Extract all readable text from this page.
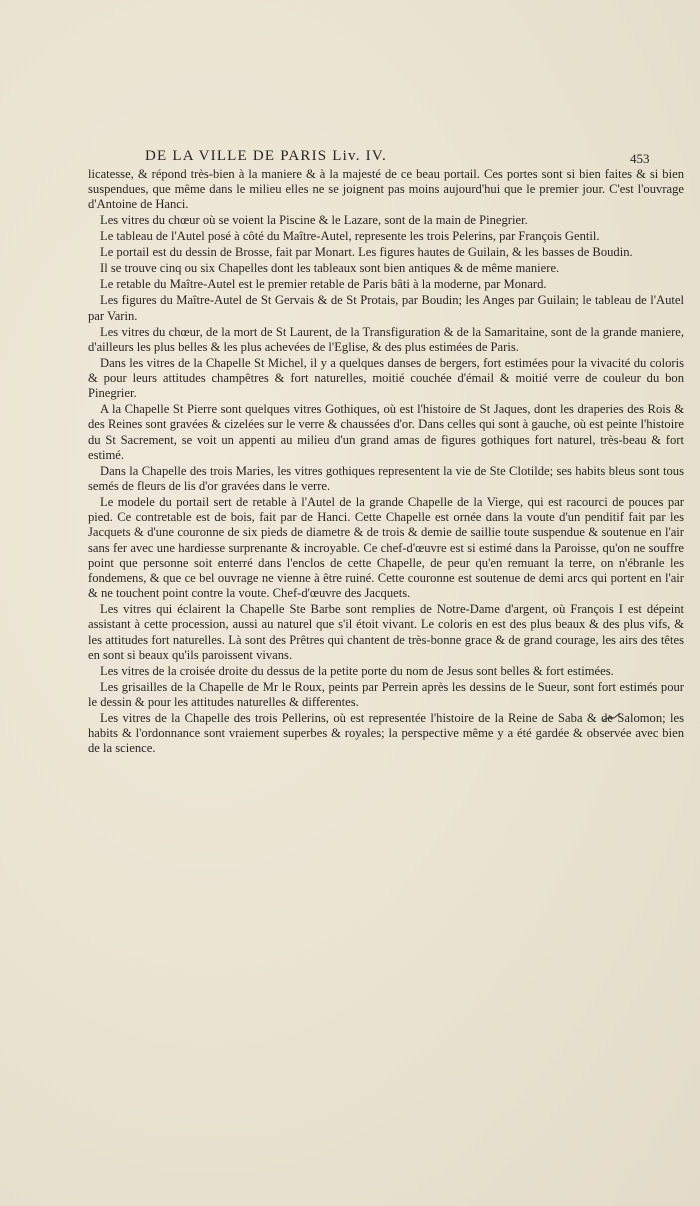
DE LA VILLE DE PARIS Liv. IV.	453

licatesse, & répond très-bien à la maniere & à la majesté de ce beau portail. Ces portes sont si bien faites & si bien suspendues, que même dans le milieu elles ne se joignent pas moins aujourd'hui que le premier jour. C'est l'ouvrage d'Antoine de Hanci.

Les vitres du chœur où se voient la Piscine & le Lazare, sont de la main de Pinegrier.

Le tableau de l'Autel posé à côté du Maître-Autel, represente les trois Pelerins, par François Gentil.

Le portail est du dessin de Brosse, fait par Monart. Les figures hautes de Guilain, & les basses de Boudin.

Il se trouve cinq ou six Chapelles dont les tableaux sont bien antiques & de même maniere.

Le retable du Maître-Autel est le premier retable de Paris bâti à la moderne, par Monard.

Les figures du Maître-Autel de St Gervais & de St Protais, par Boudin; les Anges par Guilain; le tableau de l'Autel par Varin.

Les vitres du chœur, de la mort de St Laurent, de la Transfiguration & de la Samaritaine, sont de la grande maniere, d'ailleurs les plus belles & les plus achevées de l'Eglise, & des plus estimées de Paris.

Dans les vitres de la Chapelle St Michel, il y a quelques danses de bergers, fort estimées pour la vivacité du coloris & pour leurs attitudes champêtres & fort naturelles, moitié couchée d'émail & moitié verre de couleur du bon Pinegrier.

A la Chapelle St Pierre sont quelques vitres Gothiques, où est l'histoire de St Jaques, dont les draperies des Rois & des Reines sont gravées & cizelées sur le verre & chaussées d'or. Dans celles qui sont à gauche, où est peinte l'histoire du St Sacrement, se voit un appenti au milieu d'un grand amas de figures gothiques fort naturel, très-beau & fort estimé.

Dans la Chapelle des trois Maries, les vitres gothiques representent la vie de Ste Clotilde; ses habits bleus sont tous semés de fleurs de lis d'or gravées dans le verre.

Le modele du portail sert de retable à l'Autel de la grande Chapelle de la Vierge, qui est racourci de pouces par pied. Ce contretable est de bois, fait par de Hanci. Cette Chapelle est ornée dans la voute d'un penditif fait par les Jacquets & d'une couronne de six pieds de diametre & de trois & demie de saillie toute suspendue & soutenue en l'air sans fer avec une hardiesse surprenante & incroyable. Ce chef-d'œuvre est si estimé dans la Paroisse, qu'on ne souffre point que personne soit enterré dans l'enclos de cette Chapelle, de peur qu'en remuant la terre, on n'ébranle les fondemens, & que ce bel ouvrage ne vienne à être ruiné. Cette couronne est soutenue de demi arcs qui portent en l'air & ne touchent point contre la voute. Chef-d'œuvre des Jacquets.

Les vitres qui éclairent la Chapelle Ste Barbe sont remplies de Notre-Dame d'argent, où François I est dépeint assistant à cette procession, aussi au naturel que s'il étoit vivant. Le coloris en est des plus beaux & des plus vifs, & les attitudes fort naturelles. Là sont des Prêtres qui chantent de très-bonne grace & de grand courage, les airs des têtes en sont si beaux qu'ils paroissent vivans.

Les vitres de la croisée droite du dessus de la petite porte du nom de Jesus sont belles & fort estimées.

Les grisailles de la Chapelle de Mr le Roux, peints par Perrein après les dessins de le Sueur, sont fort estimés pour le dessin & pour les attitudes naturelles & differentes.

Les vitres de la Chapelle des trois Pellerins, où est representée l'histoire de la Reine de Saba & de Salomon; les habits & l'ordonnance sont vraiement superbes & royales; la perspective même y a été gardée & observée avec bien de la science.
